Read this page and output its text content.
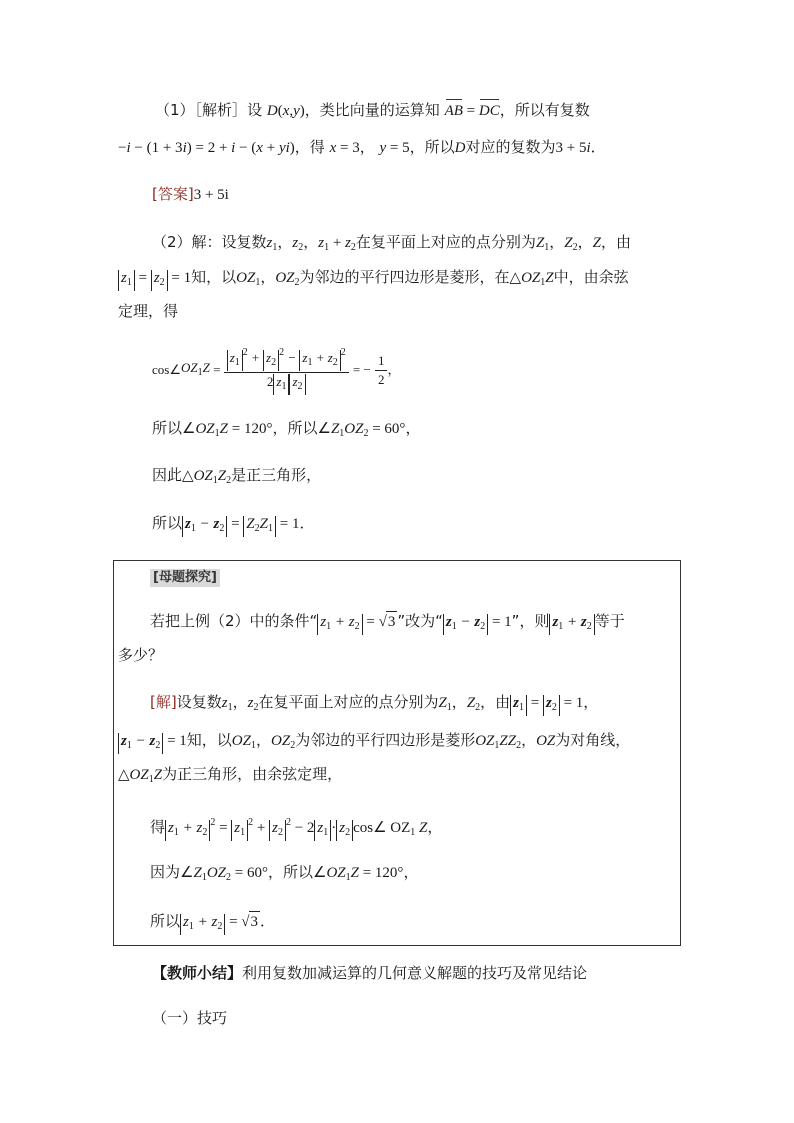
（1）［解析］设 D(x,y)，类比向量的运算知 AB = DC，所以有复数
−i − (1 + 3i) = 2 + i − (x + yi)，得 x = 3， y = 5，所以D对应的复数为3 + 5i．
[答案]3 + 5i
（2）解：设复数$z_1$，$z_2$，$z_1 + z_2$在复平面上对应的点分别为$Z_1$，$Z_2$，Z，由
$z_1 = z_2 = 1$知，以$OZ_1$，$OZ_2$为邻边的平行四边形是菱形，在$\triangle OZ_1Z$中，由余弦
定理，得
$\cos\angle OZ_1Z = \frac{z_1^2 + z_2^2 - z_1 + z_2^2}{2 z_1 z_2}$ = − $\frac{1}{2}$ ，
所以$\angle OZ_1Z = 120^\circ$，所以$\angle Z_1OZ_2 = 60^\circ$，
因此$\triangle OZ_1Z_2$是正三角形，
所以 $z_1 - z_2 = Z_2Z_1 = 1$．
[母题探究]
若把上例（2）中的条件“ $z_1 + z_2 = √3$ ”改为“ $z_1 - z_2 = 1$”，则 $z_1 + z_2$ 等于
多少？
[解]设复数$z_1$，$z_2$在复平面上对应的点分别为$Z_1$，$Z_2$，由 $z_1 = z_2 = 1$，
$z_1 - z_2 = 1$知，以$OZ_1$，$OZ_2$为邻边的平行四边形是菱形$OZ_1ZZ_2$，OZ为对角线，
$\triangle OZ_1Z$为正三角形，由余弦定理，
得 $z_1 + z_2^2 = z_1^2 + z_2^2 - 2$ $z_1 \cdot z_2$ cos∠ $OZ_1$ Z，
因为$\angle Z_1OZ_2 = 60^\circ$，所以$\angle OZ_1Z = 120^\circ$，
所以 $z_1 + z_2 = √3$ ．
【教师小结】利用复数加减运算的几何意义解题的技巧及常见结论
（一）技巧
